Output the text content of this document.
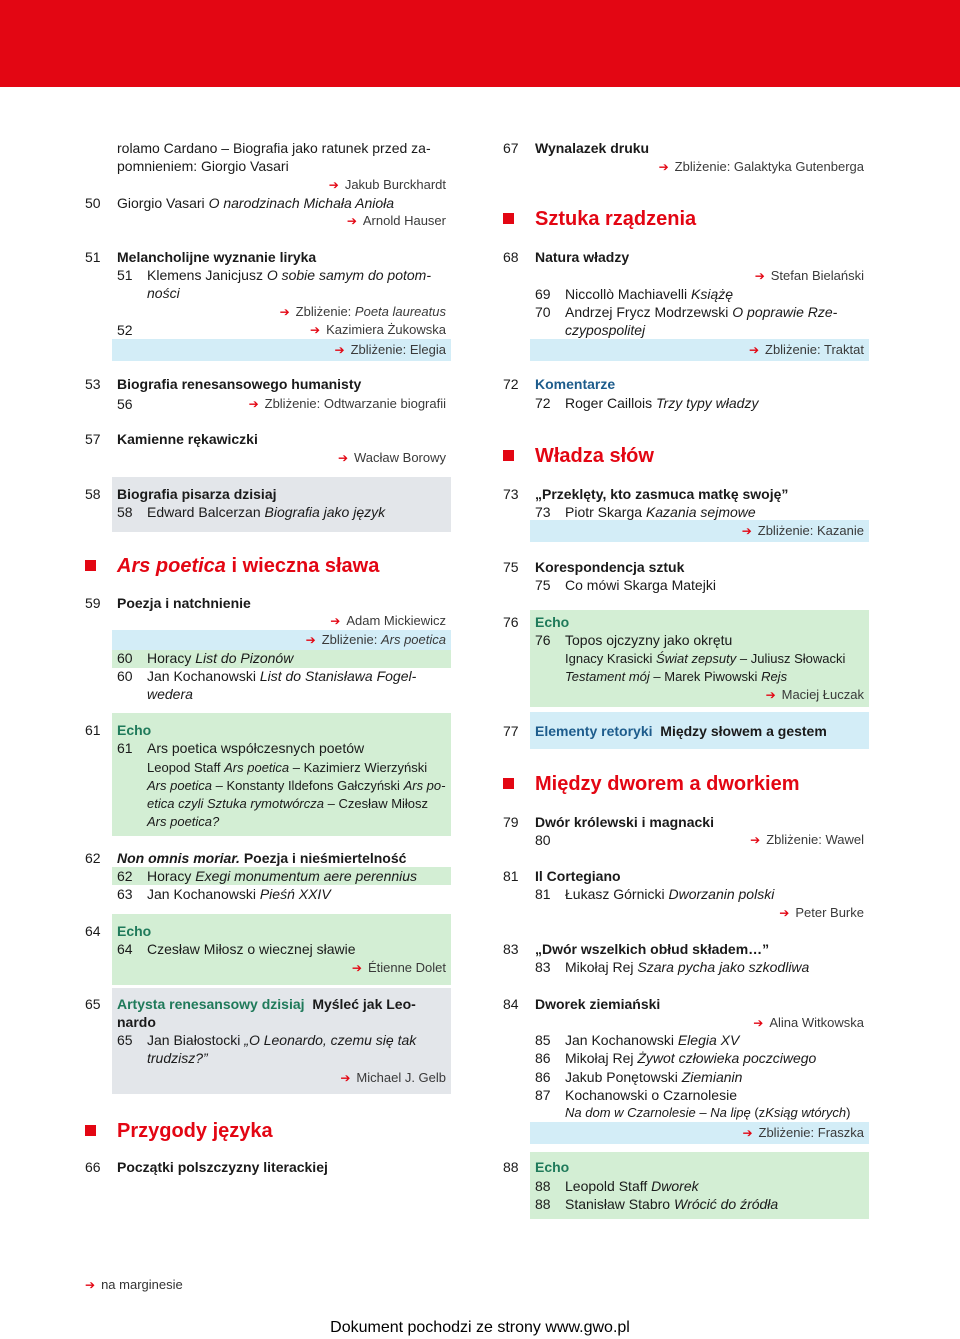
rolamo Cardano – Biografia jako ratunek przed za-
pomnieniem: Giorgio Vasari
➔ Jakub Burckhardt
50 Giorgio Vasari O narodzinach Michała Anioła
➔ Arnold Hauser
51 Melancholijne wyznanie liryka
51 Klemens Janicjusz O sobie samym do potom-
ności
➔ Zbliżenie: Poeta laureatus
52	➔ Kazimiera Żukowska
➔ Zbliżenie: Elegia
53 Biografia renesansowego humanisty
56	➔ Zbliżenie: Odtwarzanie biografii
57 Kamienne rękawiczki
➔ Wacław Borowy
58 Biografia pisarza dzisiaj
58 Edward Balcerzan Biografia jako język
Ars poetica i wieczna sława
59 Poezja i natchnienie
➔ Adam Mickiewicz
➔ Zbliżenie: Ars poetica
60 Horacy List do Pizonów
60 Jan Kochanowski List do Stanisława Fogel-
wedera
61 Echo
61 Ars poetica współczesnych poetów
Leopod Staff Ars poetica – Kazimierz Wierzyński
Ars poetica – Konstanty Ildefons Gałczyński Ars po-
etica czyli Sztuka rymotwórcza – Czesław Miłosz
Ars poetica?
62 Non omnis moriar. Poezja i nieśmiertelność
62 Horacy Exegi monumentum aere perennius
63 Jan Kochanowski Pieśń XXIV
64 Echo
64 Czesław Miłosz o wiecznej sławie
➔ Étienne Dolet
65 Artysta renesansowy dzisiaj Myśleć jak Leo-
nardo
65 Jan Białostocki „O Leonardo, czemu się tak
trudzisz?”
➔ Michael J. Gelb
Przygody języka
66 Początki polszczyzny literackiej
67 Wynalazek druku
➔ Zbliżenie: Galaktyka Gutenberga
Sztuka rządzenia
68 Natura władzy
➔ Stefan Bielański
69 Niccollò Machiavelli Książę
70 Andrzej Frycz Modrzewski O poprawie Rze-
czypospolitej
➔ Zbliżenie: Traktat
72 Komentarze
72 Roger Caillois Trzy typy władzy
Władza słów
73 „Przeklęty, kto zasmuca matkę swoję”
73 Piotr Skarga Kazania sejmowe
➔ Zbliżenie: Kazanie
75 Korespondencja sztuk
75 Co mówi Skarga Matejki
76 Echo
76 Topos ojczyzny jako okrętu
Ignacy Krasicki Świat zepsuty – Juliusz Słowacki
Testament mój – Marek Piwowski Rejs
➔ Maciej Łuczak
77 Elementy retoryki Między słowem a gestem
Między dworem a dworkiem
79 Dwór królewski i magnacki
80	➔ Zbliżenie: Wawel
81 Il Cortegiano
81 Łukasz Górnicki Dworzanin polski
➔ Peter Burke
83 „Dwór wszelkich obłud składem…”
83 Mikołaj Rej Szara pycha jako szkodliwa
84 Dworek ziemiański
➔ Alina Witkowska
85 Jan Kochanowski Elegia XV
86 Mikołaj Rej Żywot człowieka poczciwego
86 Jakub Ponętowski Ziemianin
87 Kochanowski o Czarnolesie
Na dom w Czarnolesie – Na lipę (zKsiąg wtórych)
➔ Zbliżenie: Fraszka
88 Echo
88 Leopold Staff Dworek
88 Stanisław Stabro Wrócić do źródła
➔ na marginesie
Dokument pochodzi ze strony www.gwo.pl
